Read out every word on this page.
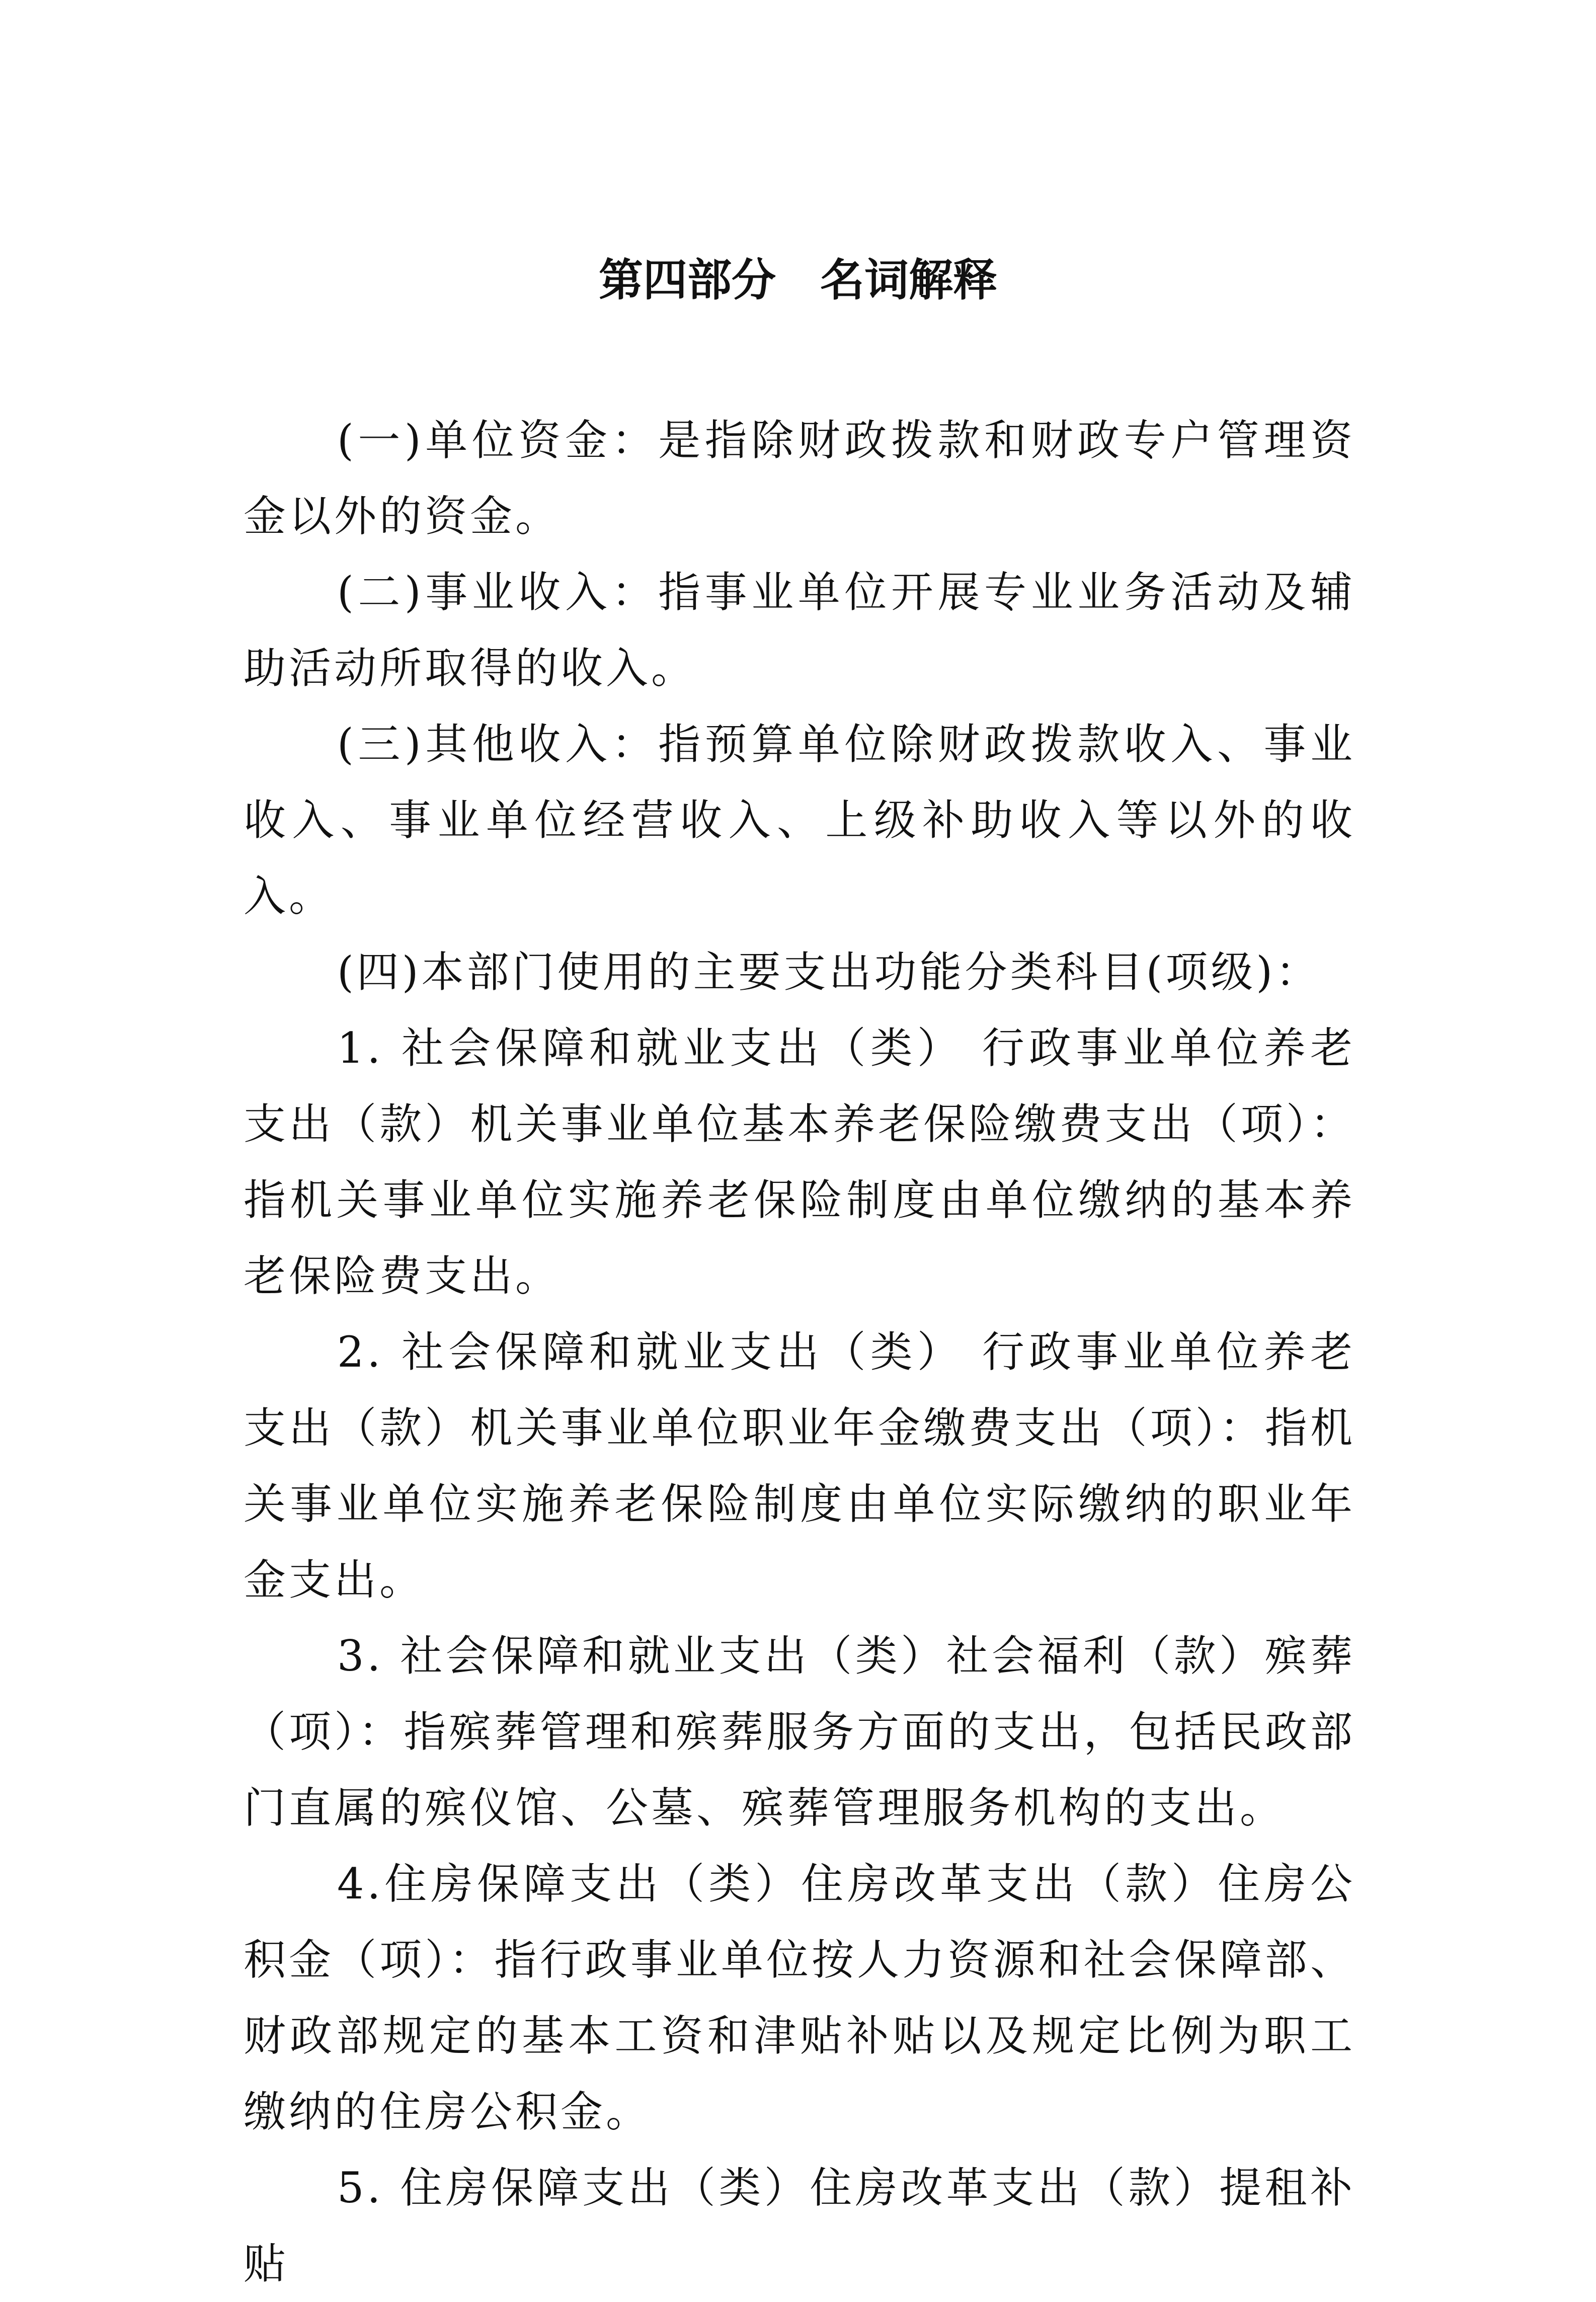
第四部分　名词解释

(一)单位资金：是指除财政拨款和财政专户管理资金以外的资金。

(二)事业收入：指事业单位开展专业业务活动及辅助活动所取得的收入。

(三)其他收入：指预算单位除财政拨款收入、事业收入、事业单位经营收入、上级补助收入等以外的收入。

(四)本部门使用的主要支出功能分类科目(项级)：

1. 社会保障和就业支出（类） 行政事业单位养老支出（款）机关事业单位基本养老保险缴费支出（项）：指机关事业单位实施养老保险制度由单位缴纳的基本养老保险费支出。

2. 社会保障和就业支出（类） 行政事业单位养老支出（款）机关事业单位职业年金缴费支出（项）：指机关事业单位实施养老保险制度由单位实际缴纳的职业年金支出。

3. 社会保障和就业支出（类）社会福利（款）殡葬（项）：指殡葬管理和殡葬服务方面的支出，包括民政部门直属的殡仪馆、公墓、殡葬管理服务机构的支出。

4.住房保障支出（类）住房改革支出（款）住房公积金（项）：指行政事业单位按人力资源和社会保障部、财政部规定的基本工资和津贴补贴以及规定比例为职工缴纳的住房公积金。

5. 住房保障支出（类）住房改革支出（款）提租补贴
